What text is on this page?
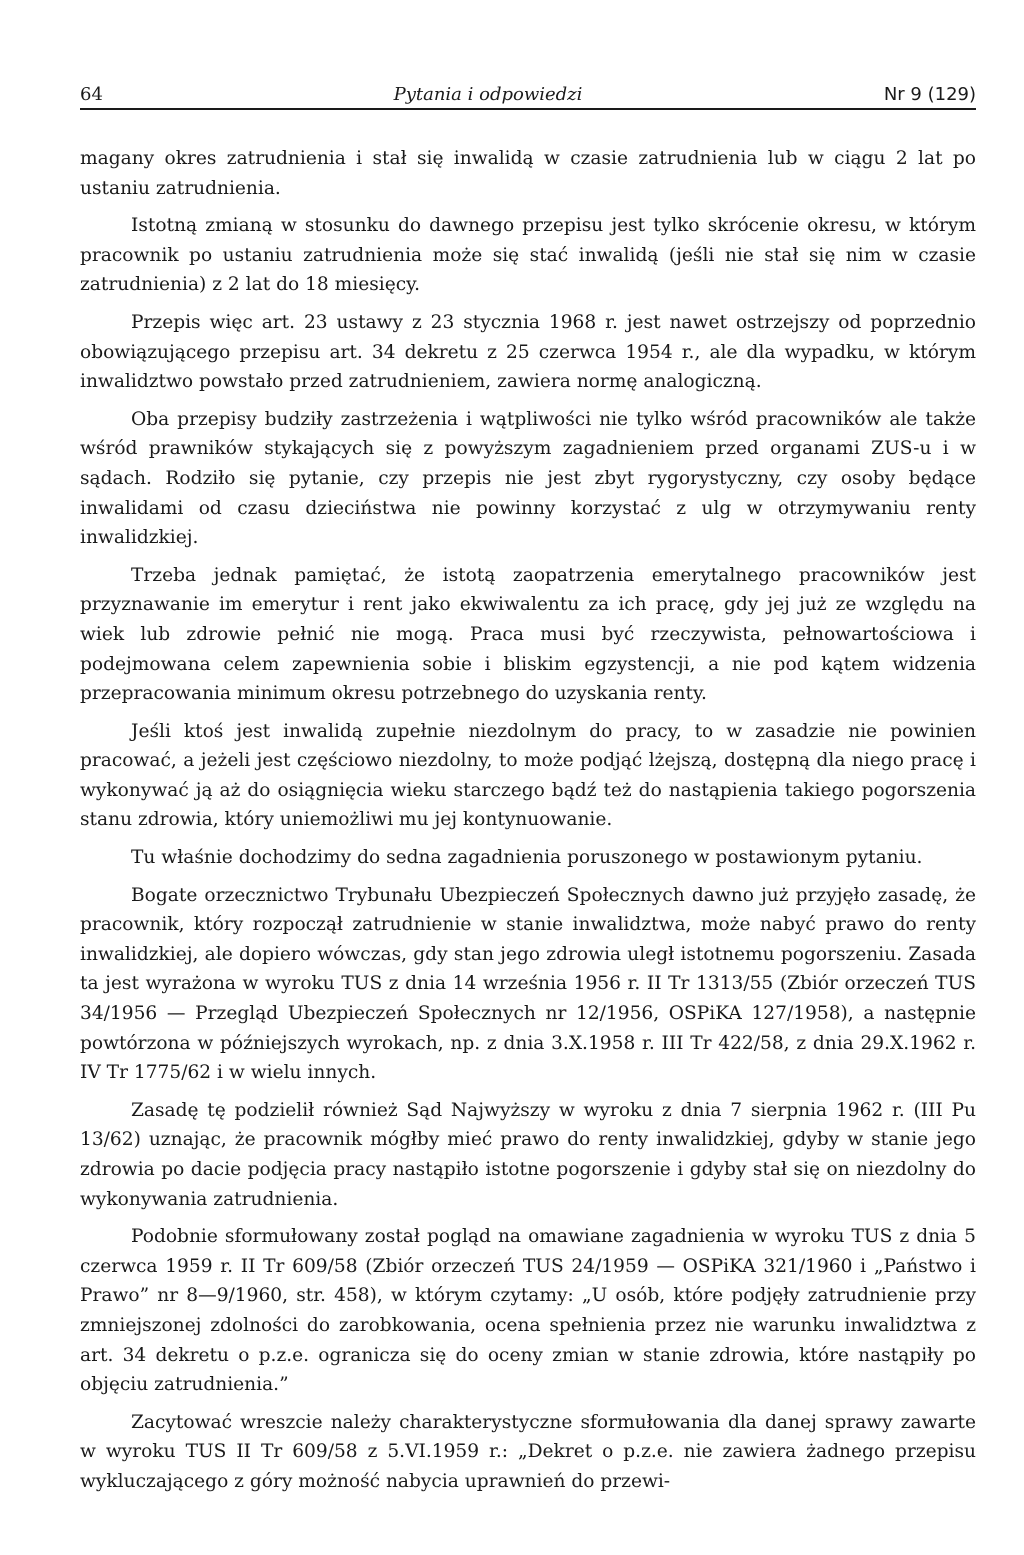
64	Pytania i odpowiedzi	Nr 9 (129)

magany okres zatrudnienia i stał się inwalidą w czasie zatrudnienia lub w ciągu 2 lat po ustaniu zatrudnienia.

Istotną zmianą w stosunku do dawnego przepisu jest tylko skrócenie okresu, w którym pracownik po ustaniu zatrudnienia może się stać inwalidą (jeśli nie stał się nim w czasie zatrudnienia) z 2 lat do 18 miesięcy.

Przepis więc art. 23 ustawy z 23 stycznia 1968 r. jest nawet ostrzejszy od poprzednio obowiązującego przepisu art. 34 dekretu z 25 czerwca 1954 r., ale dla wypadku, w którym inwalidztwo powstało przed zatrudnieniem, zawiera normę analogiczną.

Oba przepisy budziły zastrzeżenia i wątpliwości nie tylko wśród pracowników ale także wśród prawników stykających się z powyższym zagadnieniem przed organami ZUS-u i w sądach. Rodziło się pytanie, czy przepis nie jest zbyt rygorystyczny, czy osoby będące inwalidami od czasu dzieciństwa nie powinny korzystać z ulg w otrzymywaniu renty inwalidzkiej.

Trzeba jednak pamiętać, że istotą zaopatrzenia emerytalnego pracowników jest przyznawanie im emerytur i rent jako ekwiwalentu za ich pracę, gdy jej już ze względu na wiek lub zdrowie pełnić nie mogą. Praca musi być rzeczywista, pełnowartościowa i podejmowana celem zapewnienia sobie i bliskim egzystencji, a nie pod kątem widzenia przepracowania minimum okresu potrzebnego do uzyskania renty.

Jeśli ktoś jest inwalidą zupełnie niezdolnym do pracy, to w zasadzie nie powinien pracować, a jeżeli jest częściowo niezdolny, to może podjąć lżejszą, dostępną dla niego pracę i wykonywać ją aż do osiągnięcia wieku starczego bądź też do nastąpienia takiego pogorszenia stanu zdrowia, który uniemożliwi mu jej kontynuowanie.

Tu właśnie dochodzimy do sedna zagadnienia poruszonego w postawionym pytaniu.

Bogate orzecznictwo Trybunału Ubezpieczeń Społecznych dawno już przyjęło zasadę, że pracownik, który rozpoczął zatrudnienie w stanie inwalidztwa, może nabyć prawo do renty inwalidzkiej, ale dopiero wówczas, gdy stan jego zdrowia uległ istotnemu pogorszeniu. Zasada ta jest wyrażona w wyroku TUS z dnia 14 września 1956 r. II Tr 1313/55 (Zbiór orzeczeń TUS 34/1956 — Przegląd Ubezpieczeń Społecznych nr 12/1956, OSPiKA 127/1958), a następnie powtórzona w późniejszych wyrokach, np. z dnia 3.X.1958 r. III Tr 422/58, z dnia 29.X.1962 r. IV Tr 1775/62 i w wielu innych.

Zasadę tę podzielił również Sąd Najwyższy w wyroku z dnia 7 sierpnia 1962 r. (III Pu 13/62) uznając, że pracownik mógłby mieć prawo do renty inwalidzkiej, gdyby w stanie jego zdrowia po dacie podjęcia pracy nastąpiło istotne pogorszenie i gdyby stał się on niezdolny do wykonywania zatrudnienia.

Podobnie sformułowany został pogląd na omawiane zagadnienia w wyroku TUS z dnia 5 czerwca 1959 r. II Tr 609/58 (Zbiór orzeczeń TUS 24/1959 — OSPiKA 321/1960 i „Państwo i Prawo” nr 8—9/1960, str. 458), w którym czytamy: „U osób, które podjęły zatrudnienie przy zmniejszonej zdolności do zarobkowania, ocena spełnienia przez nie warunku inwalidztwa z art. 34 dekretu o p.z.e. ogranicza się do oceny zmian w stanie zdrowia, które nastąpiły po objęciu zatrudnienia.”

Zacytować wreszcie należy charakterystyczne sformułowania dla danej sprawy zawarte w wyroku TUS II Tr 609/58 z 5.VI.1959 r.: „Dekret o p.z.e. nie zawiera żadnego przepisu wykluczającego z góry możność nabycia uprawnień do przewi-
